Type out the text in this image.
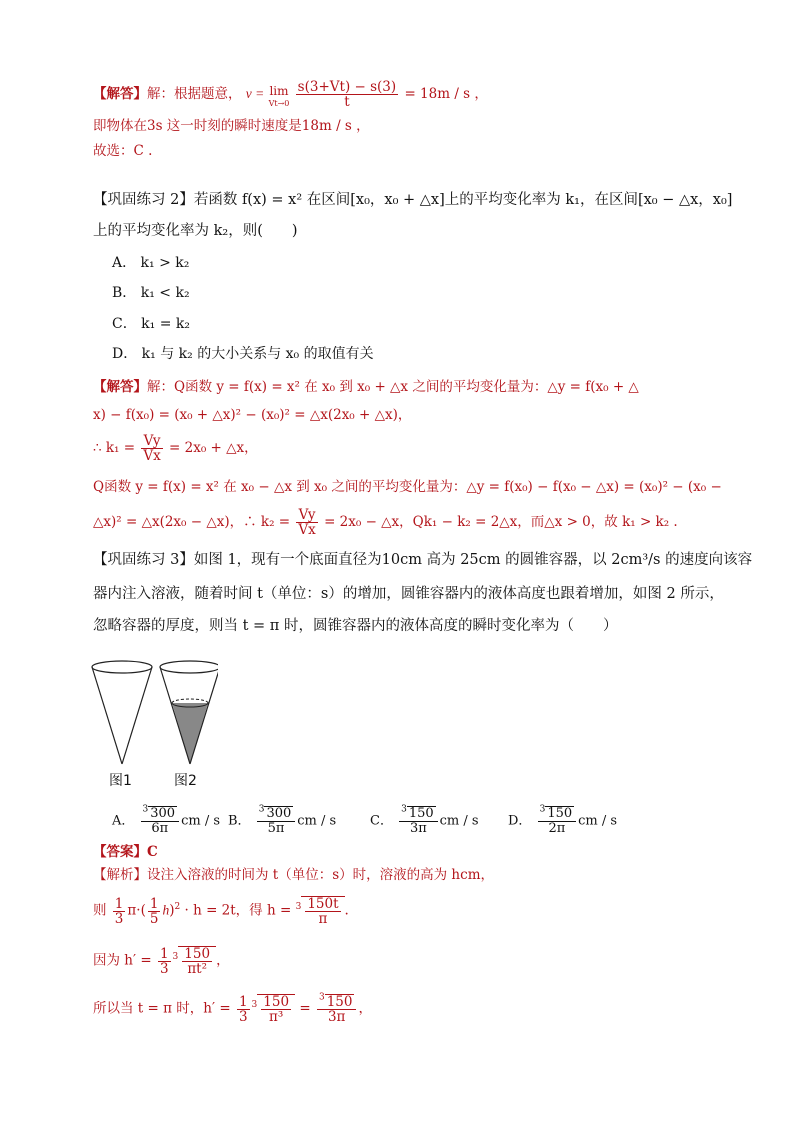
【解答】解：根据题意， v = lim
Vt→0
$\frac{s(3+Vt) - s(3)}{t} = 18m / s$ ，
即物体在3s 这一时刻的瞬时速度是18m / s ，
故选：C .
【巩固练习 2】若函数 f(x) = x² 在区间[x₀，x₀ + △x]上的平均变化率为 k₁，在区间[x₀ − △x，x₀]
上的平均变化率为 k₂，则(　　)
A． k₁ > k₂
B． k₁ < k₂
C． k₁ = k₂
D． k₁ 与 k₂ 的大小关系与 x₀ 的取值有关
【解答】解：Q函数 y = f(x) = x² 在 x₀ 到 x₀ + △x 之间的平均变化量为：△y = f(x₀ + △
x) − f(x₀) = (x₀ + △x)² − (x₀)² = △x(2x₀ + △x)，
∴ $k_1 = \frac{Vy}{Vx} = 2x_0$ + △x，
Q函数 y = f(x) = x² 在 x₀ − △x 到 x₀ 之间的平均变化量为：△y = f(x₀) − f(x₀ − △x) = (x₀)² − (x₀ −
△x)² = △x(2x₀ − △x)，∴ $k_2 = \frac{Vy}{Vx} = 2x_0$ − △x，Qk₁ − k₂ = 2△x，而△x > 0，故 k₁ > k₂ .
【巩固练习 3】如图 1，现有一个底面直径为10cm 高为 25cm 的圆锥容器，以 2cm³/s 的速度向该容
器内注入溶液，随着时间 t（单位：s）的增加，圆锥容器内的液体高度也跟着增加，如图 2 所示，
忽略容器的厚度，则当 t = π 时，圆锥容器内的液体高度的瞬时变化率为（　　）
图1	图2
A． $\frac{^3 300}{6\pi}$ cm / s B． $\frac{^3 300}{5\pi}$ cm / s	C． $\frac{^3 150}{3\pi}$ cm / s D． $\frac{^3 150}{2\pi}$ cm / s
【答案】C
【解析】设注入溶液的时间为 t（单位：s）时，溶液的高为 hcm，
则 $\frac{1}{3} \pi\cdot( \frac{1}{5} h)^2 \cdot h = 2t$，得 $h = ^3 \frac{150t}{\pi}$ .
因为 $h' = \frac{1}{3} ^3 \frac{150}{\text{πt²}}$ ，
所以当 t = π 时，$h' = \frac{1}{3} ^3 \frac{150}{\text{π³}} = \frac{^3 150}{3\pi}$ ，
